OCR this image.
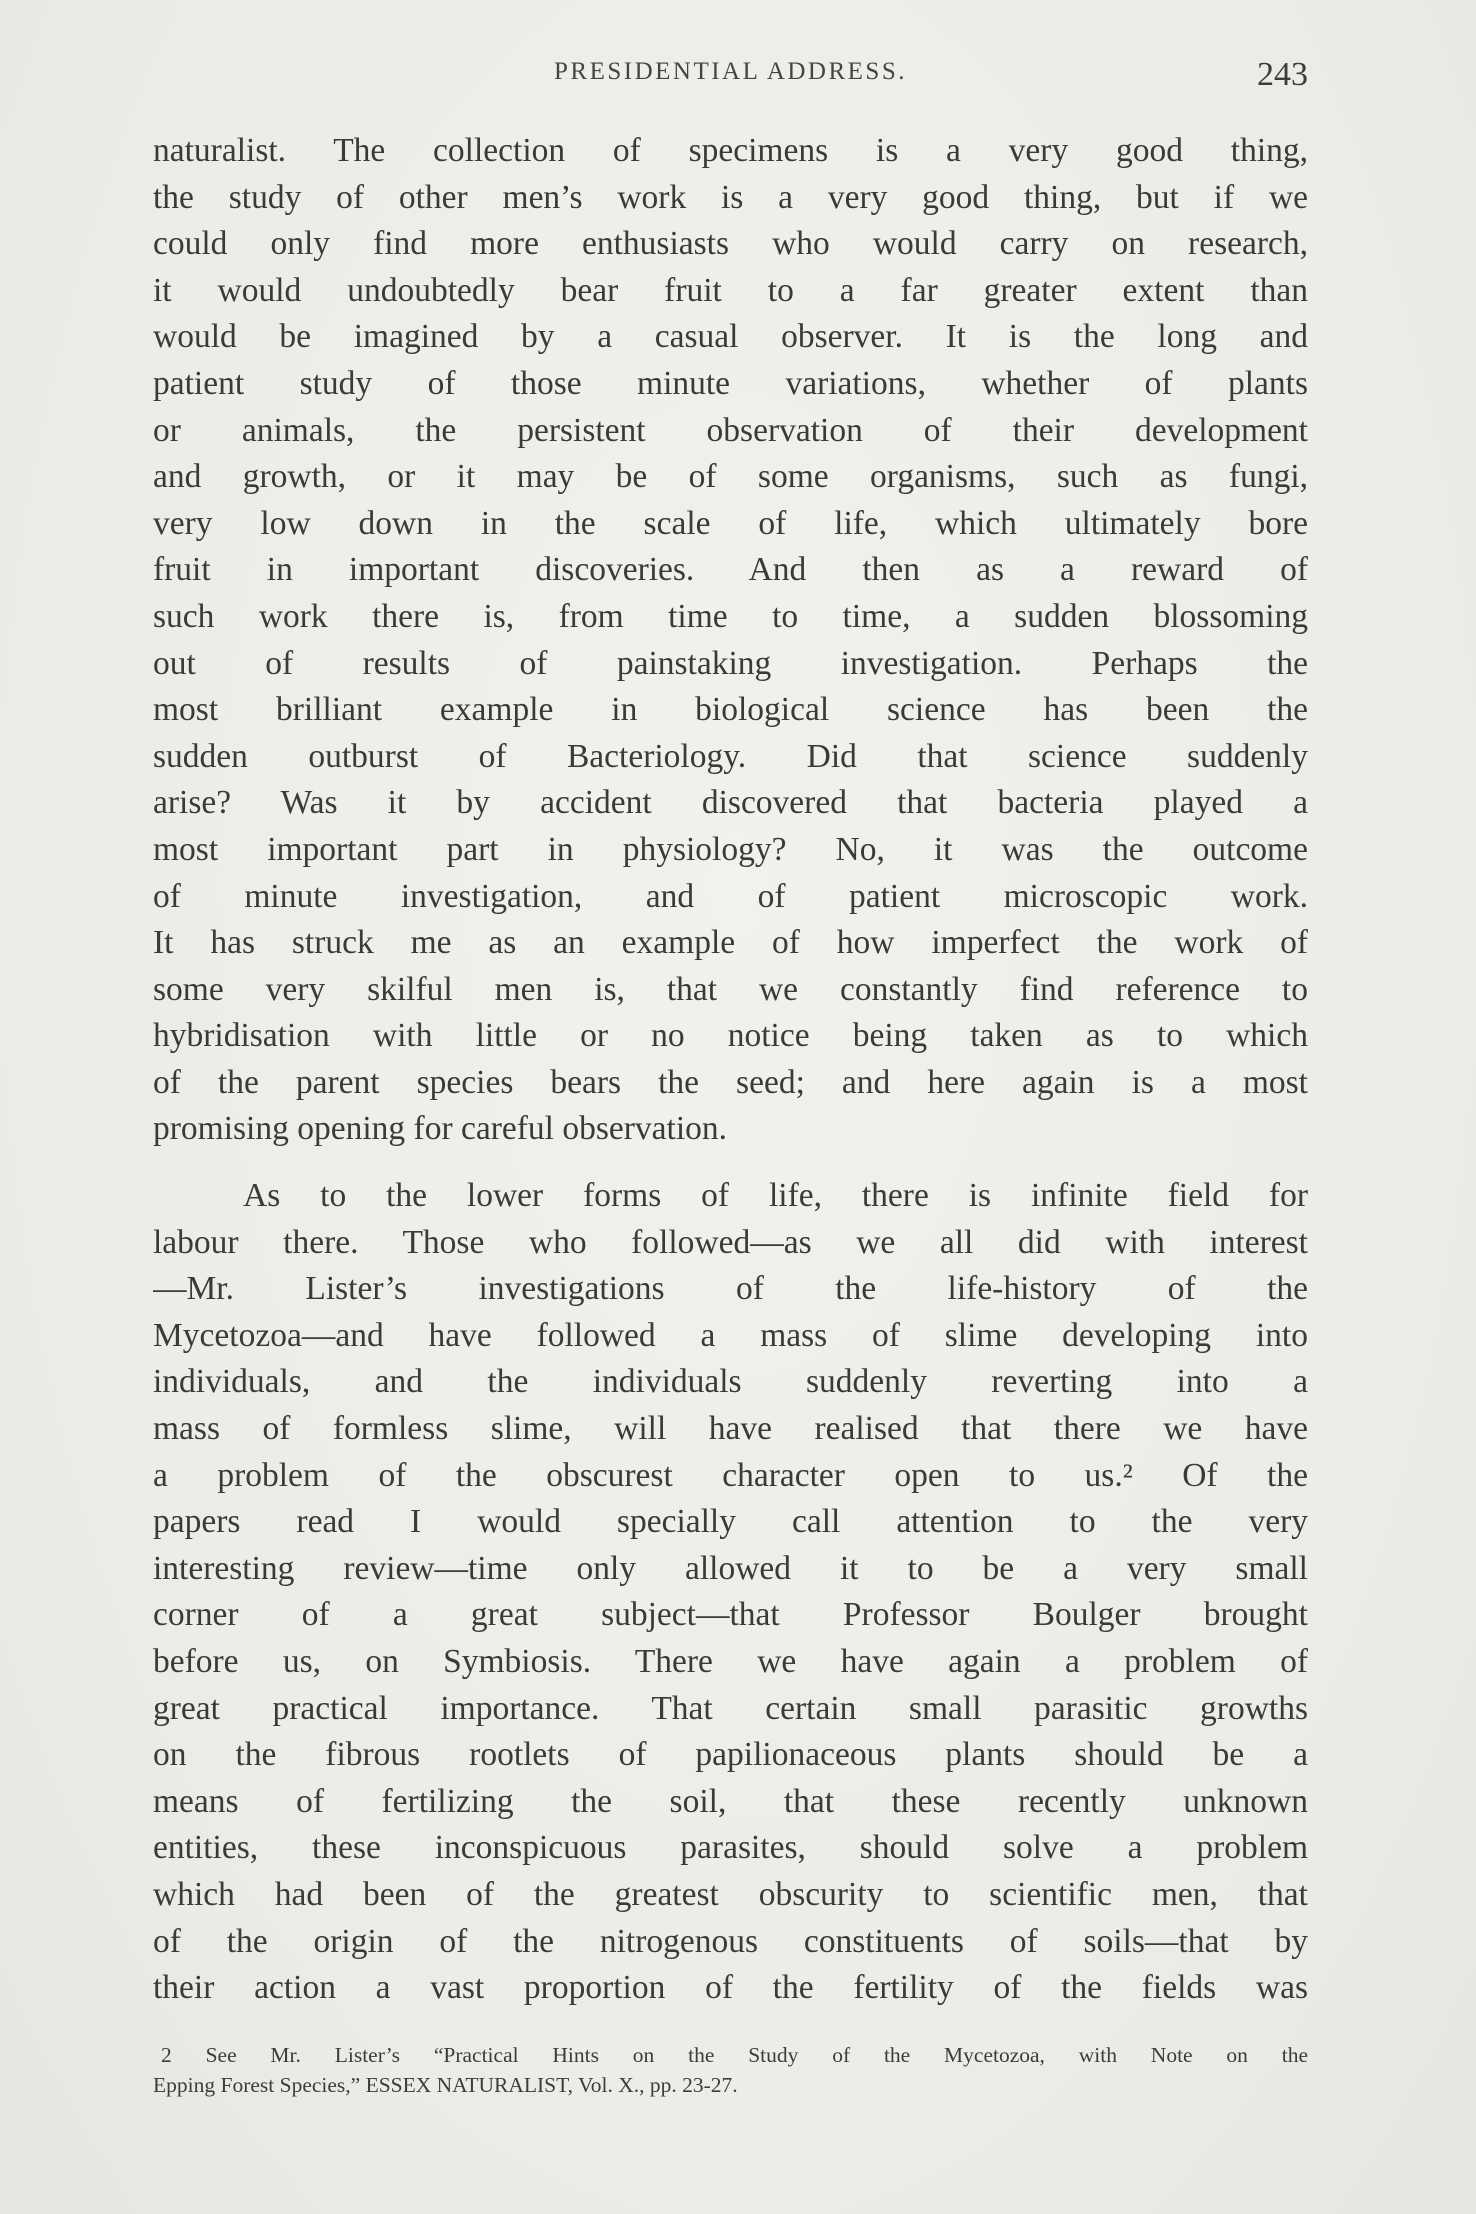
PRESIDENTIAL ADDRESS.	243
naturalist. The collection of specimens is a very good thing,
the study of other men’s work is a very good thing, but if we
could only find more enthusiasts who would carry on research,
it would undoubtedly bear fruit to a far greater extent than
would be imagined by a casual observer. It is the long and
patient study of those minute variations, whether of plants
or animals, the persistent observation of their development
and growth, or it may be of some organisms, such as fungi,
very low down in the scale of life, which ultimately bore
fruit in important discoveries. And then as a reward of
such work there is, from time to time, a sudden blossoming
out of results of painstaking investigation. Perhaps the
most brilliant example in biological science has been the
sudden outburst of Bacteriology. Did that science suddenly
arise? Was it by accident discovered that bacteria played a
most important part in physiology? No, it was the outcome
of minute investigation, and of patient microscopic work.
It has struck me as an example of how imperfect the work of
some very skilful men is, that we constantly find reference to
hybridisation with little or no notice being taken as to which
of the parent species bears the seed; and here again is a most
promising opening for careful observation.
As to the lower forms of life, there is infinite field for
labour there. Those who followed—as we all did with interest
—Mr. Lister’s investigations of the life-history of the
Mycetozoa—and have followed a mass of slime developing into
individuals, and the individuals suddenly reverting into a
mass of formless slime, will have realised that there we have
a problem of the obscurest character open to us.² Of the
papers read I would specially call attention to the very
interesting review—time only allowed it to be a very small
corner of a great subject—that Professor Boulger brought
before us, on Symbiosis. There we have again a problem of
great practical importance. That certain small parasitic growths
on the fibrous rootlets of papilionaceous plants should be a
means of fertilizing the soil, that these recently unknown
entities, these inconspicuous parasites, should solve a problem
which had been of the greatest obscurity to scientific men, that
of the origin of the nitrogenous constituents of soils—that by
their action a vast proportion of the fertility of the fields was
2 See Mr. Lister’s “Practical Hints on the Study of the Mycetozoa, with Note on the
Epping Forest Species,” ESSEX NATURALIST, Vol. X., pp. 23-27.
